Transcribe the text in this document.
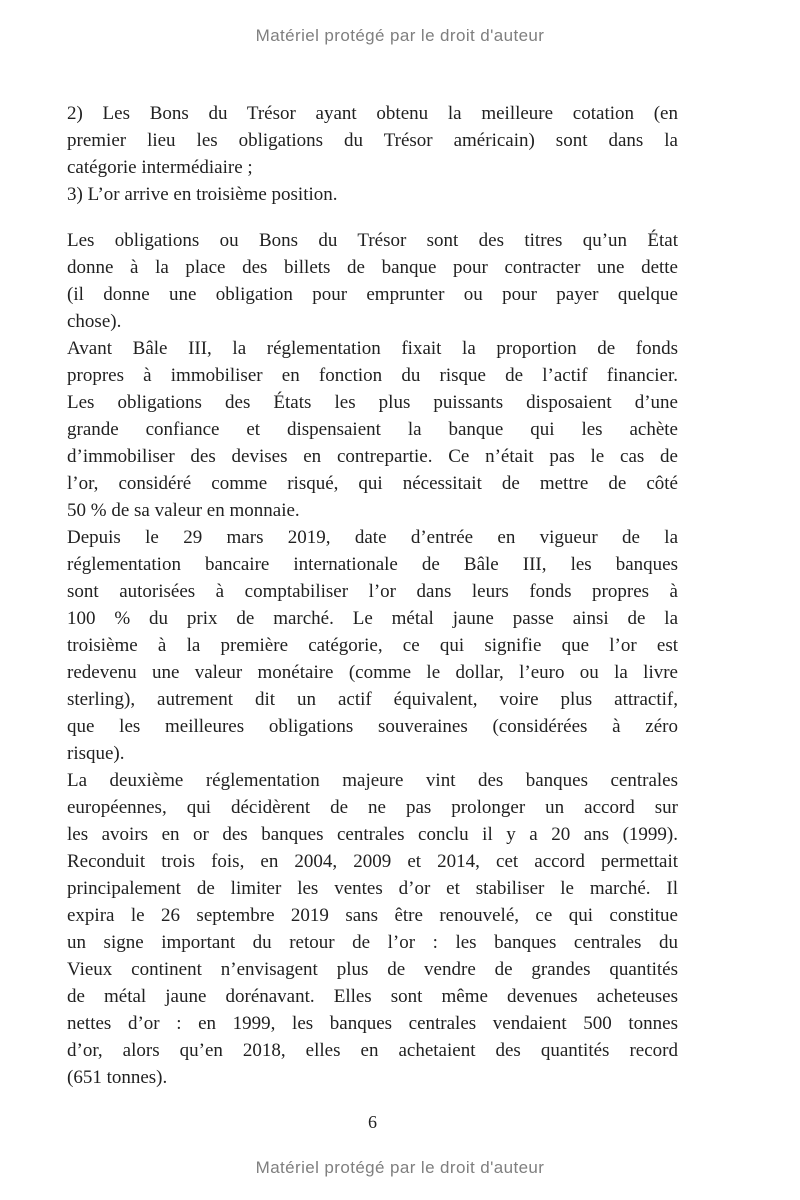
Matériel protégé par le droit d'auteur
2) Les Bons du Trésor ayant obtenu la meilleure cotation (en
premier lieu les obligations du Trésor américain) sont dans la
catégorie intermédiaire ;
3) L’or arrive en troisième position.
Les obligations ou Bons du Trésor sont des titres qu’un État
donne à la place des billets de banque pour contracter une dette
(il donne une obligation pour emprunter ou pour payer quelque
chose).
Avant Bâle III, la réglementation fixait la proportion de fonds
propres à immobiliser en fonction du risque de l’actif financier.
Les obligations des États les plus puissants disposaient d’une
grande confiance et dispensaient la banque qui les achète
d’immobiliser des devises en contrepartie. Ce n’était pas le cas de
l’or, considéré comme risqué, qui nécessitait de mettre de côté
50 % de sa valeur en monnaie.
Depuis le 29 mars 2019, date d’entrée en vigueur de la
réglementation bancaire internationale de Bâle III, les banques
sont autorisées à comptabiliser l’or dans leurs fonds propres à
100 % du prix de marché. Le métal jaune passe ainsi de la
troisième à la première catégorie, ce qui signifie que l’or est
redevenu une valeur monétaire (comme le dollar, l’euro ou la livre
sterling), autrement dit un actif équivalent, voire plus attractif,
que les meilleures obligations souveraines (considérées à zéro
risque).
La deuxième réglementation majeure vint des banques centrales
européennes, qui décidèrent de ne pas prolonger un accord sur
les avoirs en or des banques centrales conclu il y a 20 ans (1999).
Reconduit trois fois, en 2004, 2009 et 2014, cet accord permettait
principalement de limiter les ventes d’or et stabiliser le marché. Il
expira le 26 septembre 2019 sans être renouvelé, ce qui constitue
un signe important du retour de l’or : les banques centrales du
Vieux continent n’envisagent plus de vendre de grandes quantités
de métal jaune dorénavant. Elles sont même devenues acheteuses
nettes d’or : en 1999, les banques centrales vendaient 500 tonnes
d’or, alors qu’en 2018, elles en achetaient des quantités record
(651 tonnes).
6
Matériel protégé par le droit d'auteur
